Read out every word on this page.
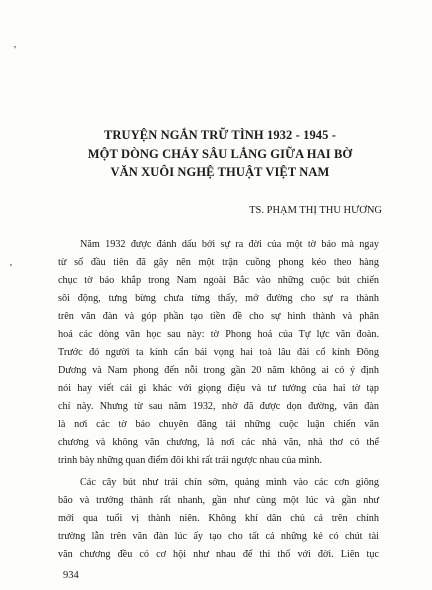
'
'
TRUYỆN NGẮN TRỮ TÌNH 1932 - 1945 -
MỘT DÒNG CHẢY SÂU LẮNG GIỮA HAI BỜ
VĂN XUÔI NGHỆ THUẬT VIỆT NAM
TS. PHẠM THỊ THU HƯƠNG
Năm 1932 được đánh dấu bởi sự ra đời của một tờ báo mà ngay
từ số đầu tiên đã gây nên một trận cuồng phong kéo theo hàng
chục tờ báo khắp trong Nam ngoài Bắc vào những cuộc bút chiến
sôi động, tưng bừng chưa từng thấy, mở đường cho sự ra thành
trên văn đàn và góp phần tạo tiền đề cho sự hình thành và phân
hoá các dòng văn học sau này: tờ Phong hoá của Tự lực văn đoàn.
Trước đó người ta kính cẩn bái vọng hai toà lâu đài cổ kính Đông
Dương và Nam phong đến nỗi trong gần 20 năm không ai có ý định
nói hay viết cái gì khác với giọng điệu và tư tưởng của hai tờ tạp
chí này. Nhưng từ sau năm 1932, nhờ đã được dọn đường, văn đàn
là nơi các tờ báo chuyên đăng tải những cuộc luận chiến văn
chương và không văn chương, là nơi các nhà văn, nhà thơ có thể
trình bày những quan điểm đôi khi rất trái ngược nhau của mình.
Các cây bút như trái chín sớm, quảng mình vào các cơn giông
bão và trưởng thành rất nhanh, gần như cùng một lúc và gần như
mới qua tuổi vị thành niên. Không khí dân chủ cả trên chính
trường lẫn trên văn đàn lúc ấy tạo cho tất cả những kẻ có chút tài
văn chương đều có cơ hội như nhau để thi thố với đời. Liên tục
934
